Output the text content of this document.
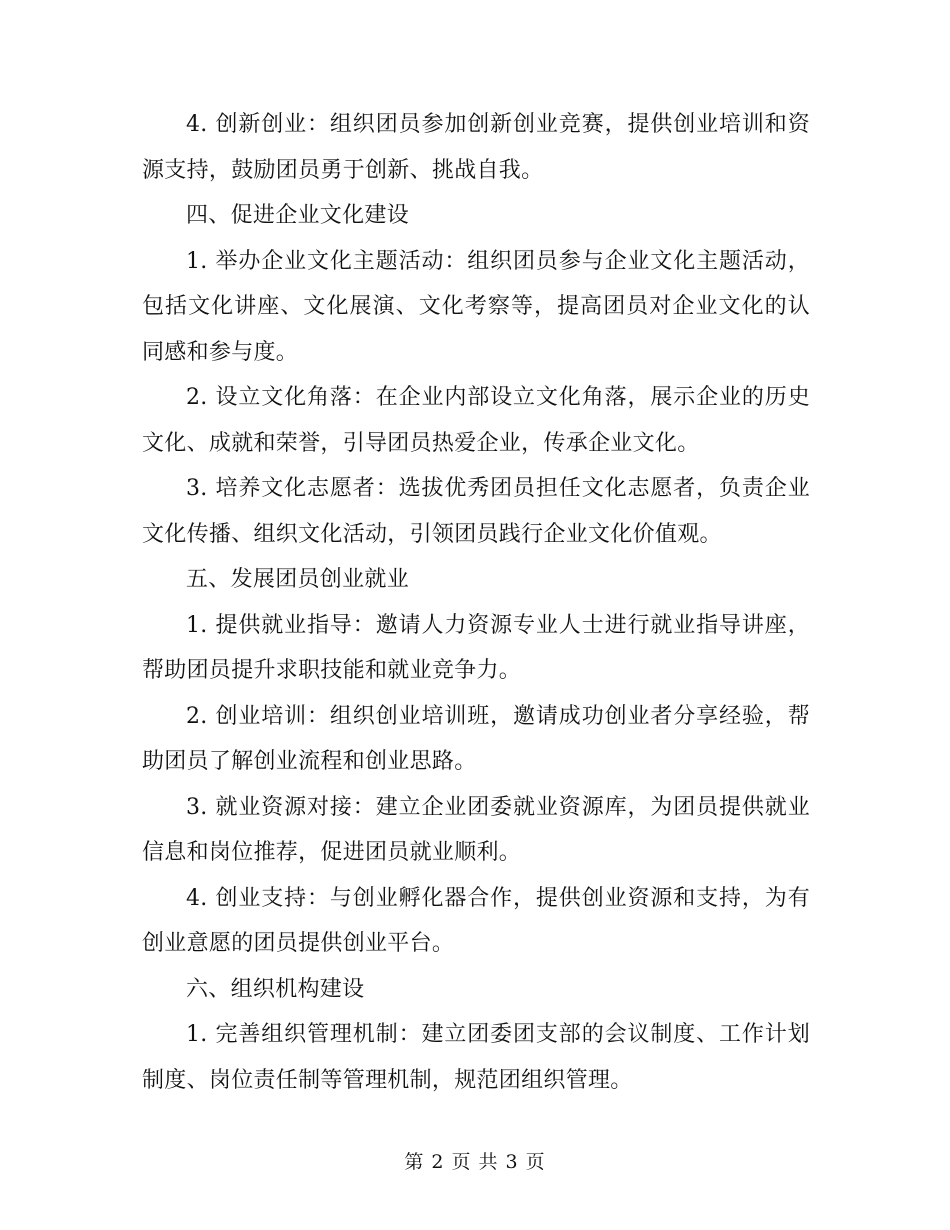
4. 创新创业：组织团员参加创新创业竞赛，提供创业培训和资源支持，鼓励团员勇于创新、挑战自我。

四、促进企业文化建设

1. 举办企业文化主题活动：组织团员参与企业文化主题活动，包括文化讲座、文化展演、文化考察等，提高团员对企业文化的认同感和参与度。

2. 设立文化角落：在企业内部设立文化角落，展示企业的历史文化、成就和荣誉，引导团员热爱企业，传承企业文化。

3. 培养文化志愿者：选拔优秀团员担任文化志愿者，负责企业文化传播、组织文化活动，引领团员践行企业文化价值观。

五、发展团员创业就业

1. 提供就业指导：邀请人力资源专业人士进行就业指导讲座，帮助团员提升求职技能和就业竞争力。

2. 创业培训：组织创业培训班，邀请成功创业者分享经验，帮助团员了解创业流程和创业思路。

3. 就业资源对接：建立企业团委就业资源库，为团员提供就业信息和岗位推荐，促进团员就业顺利。

4. 创业支持：与创业孵化器合作，提供创业资源和支持，为有创业意愿的团员提供创业平台。

六、组织机构建设

1. 完善组织管理机制：建立团委团支部的会议制度、工作计划制度、岗位责任制等管理机制，规范团组织管理。

第 2 页 共 3 页
